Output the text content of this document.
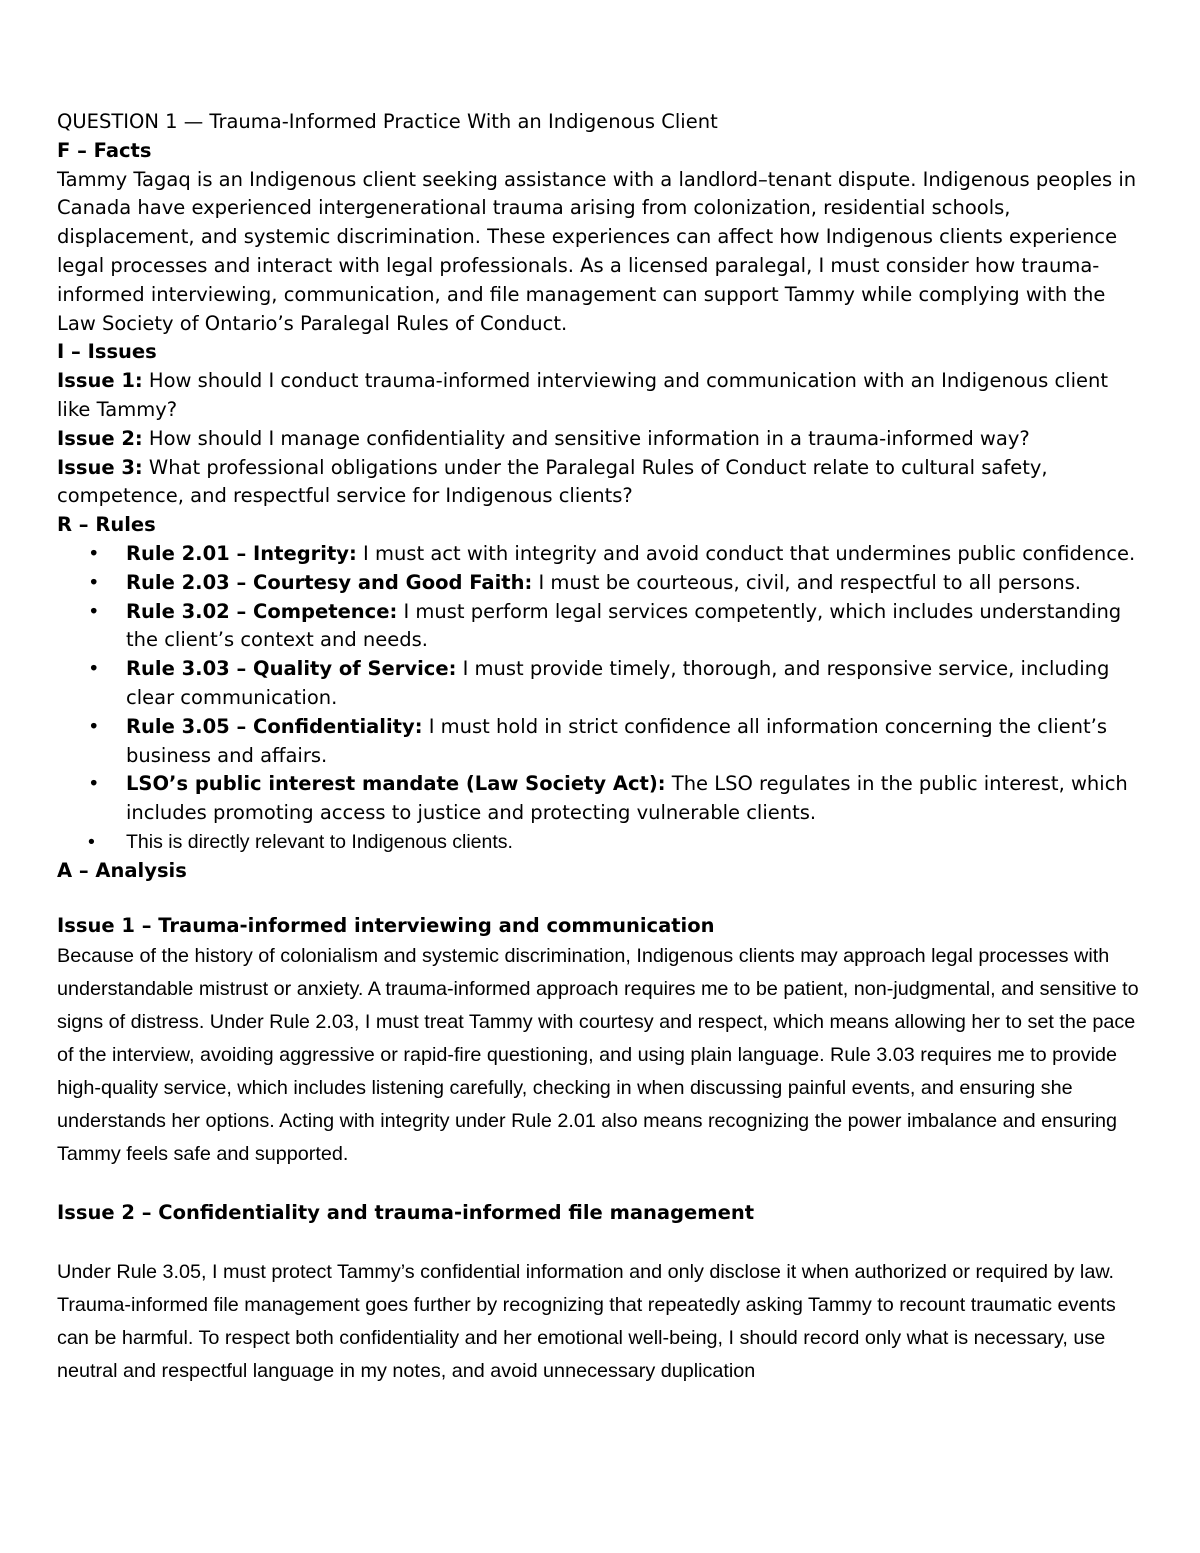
QUESTION 1 — Trauma-Informed Practice With an Indigenous Client

F – Facts

Tammy Tagaq is an Indigenous client seeking assistance with a landlord–tenant dispute. Indigenous peoples in Canada have experienced intergenerational trauma arising from colonization, residential schools, displacement, and systemic discrimination. These experiences can affect how Indigenous clients experience legal processes and interact with legal professionals. As a licensed paralegal, I must consider how trauma-informed interviewing, communication, and file management can support Tammy while complying with the Law Society of Ontario’s Paralegal Rules of Conduct.

I – Issues

Issue 1: How should I conduct trauma-informed interviewing and communication with an Indigenous client like Tammy?

Issue 2: How should I manage confidentiality and sensitive information in a trauma-informed way?

Issue 3: What professional obligations under the Paralegal Rules of Conduct relate to cultural safety, competence, and respectful service for Indigenous clients?

R – Rules

• Rule 2.01 – Integrity: I must act with integrity and avoid conduct that undermines public confidence.
• Rule 2.03 – Courtesy and Good Faith: I must be courteous, civil, and respectful to all persons.
• Rule 3.02 – Competence: I must perform legal services competently, which includes understanding the client’s context and needs.
• Rule 3.03 – Quality of Service: I must provide timely, thorough, and responsive service, including clear communication.
• Rule 3.05 – Confidentiality: I must hold in strict confidence all information concerning the client’s business and affairs.
• LSO’s public interest mandate (Law Society Act): The LSO regulates in the public interest, which includes promoting access to justice and protecting vulnerable clients.
• This is directly relevant to Indigenous clients.

A – Analysis

Issue 1 – Trauma-informed interviewing and communication

Because of the history of colonialism and systemic discrimination, Indigenous clients may approach legal processes with understandable mistrust or anxiety. A trauma-informed approach requires me to be patient, non-judgmental, and sensitive to signs of distress. Under Rule 2.03, I must treat Tammy with courtesy and respect, which means allowing her to set the pace of the interview, avoiding aggressive or rapid-fire questioning, and using plain language. Rule 3.03 requires me to provide high-quality service, which includes listening carefully, checking in when discussing painful events, and ensuring she understands her options. Acting with integrity under Rule 2.01 also means recognizing the power imbalance and ensuring Tammy feels safe and supported.

Issue 2 – Confidentiality and trauma-informed file management

Under Rule 3.05, I must protect Tammy’s confidential information and only disclose it when authorized or required by law. Trauma-informed file management goes further by recognizing that repeatedly asking Tammy to recount traumatic events can be harmful. To respect both confidentiality and her emotional well-being, I should record only what is necessary, use neutral and respectful language in my notes, and avoid unnecessary duplication
